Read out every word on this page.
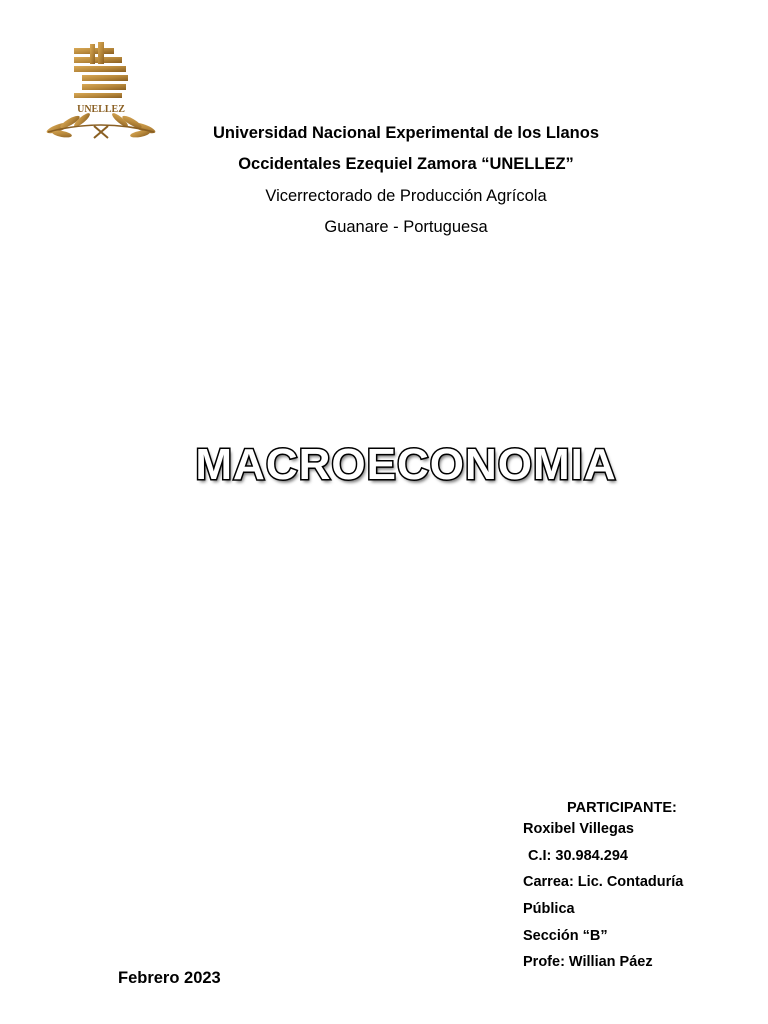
UNELLEZ
Universidad Nacional Experimental de los Llanos
Occidentales Ezequiel Zamora “UNELLEZ”
Vicerrectorado de Producción Agrícola
Guanare - Portuguesa
MACROECONOMIA
PARTICIPANTE:
Roxibel Villegas
C.I: 30.984.294
Carrea: Lic. Contaduría
Pública
Sección “B”
Profe: Willian Páez
Febrero 2023
